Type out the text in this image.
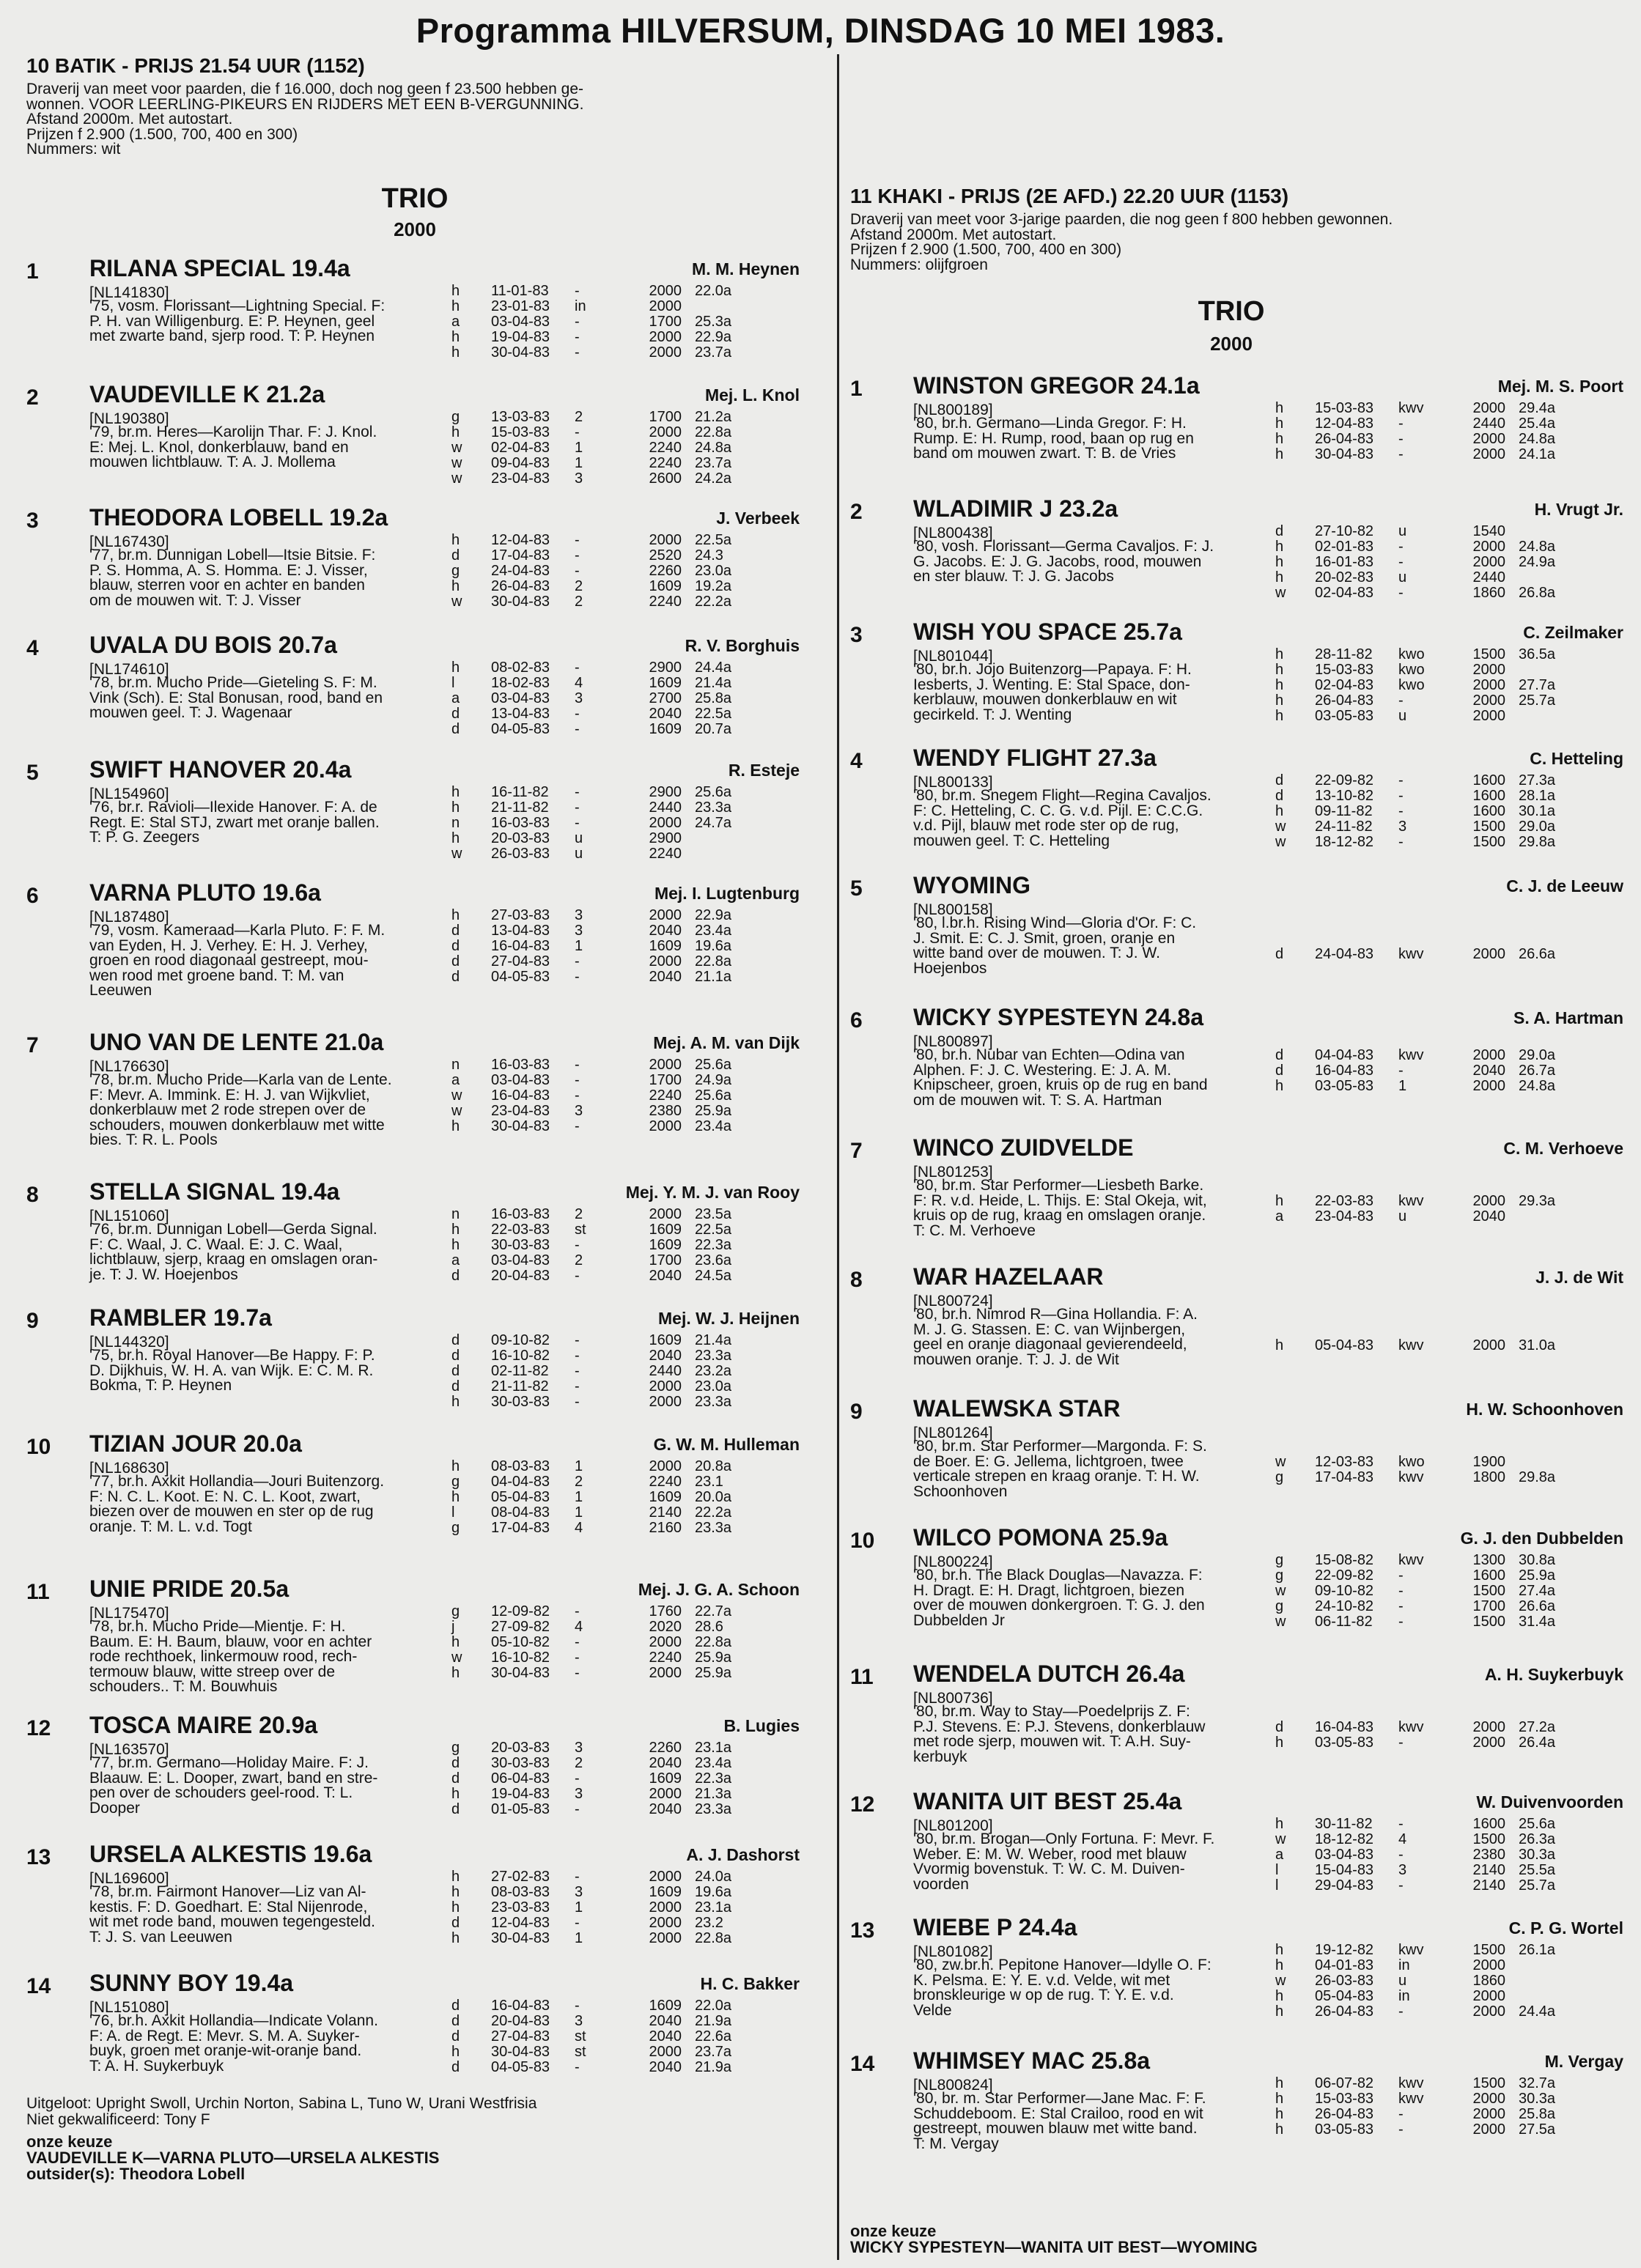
Programma HILVERSUM, DINSDAG 10 MEI 1983.
10 BATIK - PRIJS 21.54 UUR (1152)
Draverij van meet voor paarden, die f 16.000, doch nog geen f 23.500 hebben ge-
wonnen. VOOR LEERLING-PIKEURS EN RIJDERS MET EEN B-VERGUNNING.
Afstand 2000m. Met autostart.
Prijzen f 2.900 (1.500, 700, 400 en 300)
Nummers: wit
TRIO
2000
1	RILANA SPECIAL 19.4a	M. M. Heynen
[NL141830]
'75, vosm. Florissant—Lightning Special. F:
P. H. van Willigenburg. E: P. Heynen, geel
met zwarte band, sjerp rood. T: P. Heynen
h 11-01-83 -	2000 22.0a
h 23-01-83 in	2000
a 03-04-83 -	1700 25.3a
h 19-04-83 -	2000 22.9a
h 30-04-83 -	2000 23.7a
2	VAUDEVILLE K 21.2a	Mej. L. Knol
[NL190380]
'79, br.m. Heres—Karolijn Thar. F: J. Knol.
E: Mej. L. Knol, donkerblauw, band en
mouwen lichtblauw. T: A. J. Mollema
g 13-03-83 2	1700 21.2a
h 15-03-83 -	2000 22.8a
w 02-04-83 1	2240 24.8a
w 09-04-83 1	2240 23.7a
w 23-04-83 3	2600 24.2a
3	THEODORA LOBELL 19.2a	J. Verbeek
[NL167430]
'77, br.m. Dunnigan Lobell—Itsie Bitsie. F:
P. S. Homma, A. S. Homma. E: J. Visser,
blauw, sterren voor en achter en banden
om de mouwen wit. T: J. Visser
h 12-04-83 -	2000 22.5a
d 17-04-83 -	2520 24.3
g 24-04-83 -	2260 23.0a
h 26-04-83 2	1609 19.2a
w 30-04-83 2	2240 22.2a
4	UVALA DU BOIS 20.7a	R. V. Borghuis
[NL174610]
'78, br.m. Mucho Pride—Gieteling S. F: M.
Vink (Sch). E: Stal Bonusan, rood, band en
mouwen geel. T: J. Wagenaar
h 08-02-83 -	2900 24.4a
l 18-02-83 4	1609 21.4a
a 03-04-83 3	2700 25.8a
d 13-04-83 -	2040 22.5a
d 04-05-83 -	1609 20.7a
5	SWIFT HANOVER 20.4a	R. Esteje
[NL154960]
'76, br.r. Ravioli—Ilexide Hanover. F: A. de
Regt. E: Stal STJ, zwart met oranje ballen.
T: P. G. Zeegers
h 16-11-82 -	2900 25.6a
h 21-11-82 -	2440 23.3a
n 16-03-83 -	2000 24.7a
h 20-03-83 u	2900
w 26-03-83 u	2240
6	VARNA PLUTO 19.6a	Mej. I. Lugtenburg
[NL187480]
'79, vosm. Kameraad—Karla Pluto. F: F. M.
van Eyden, H. J. Verhey. E: H. J. Verhey,
groen en rood diagonaal gestreept, mou-
wen rood met groene band. T: M. van
Leeuwen
h 27-03-83 3	2000 22.9a
d 13-04-83 3	2040 23.4a
d 16-04-83 1	1609 19.6a
d 27-04-83 -	2000 22.8a
d 04-05-83 -	2040 21.1a
7	UNO VAN DE LENTE 21.0a	Mej. A. M. van Dijk
[NL176630]
'78, br.m. Mucho Pride—Karla van de Lente.
F: Mevr. A. Immink. E: H. J. van Wijkvliet,
donkerblauw met 2 rode strepen over de
schouders, mouwen donkerblauw met witte
bies. T: R. L. Pools
n 16-03-83 -	2000 25.6a
a 03-04-83 -	1700 24.9a
w 16-04-83 -	2240 25.6a
w 23-04-83 3	2380 25.9a
h 30-04-83 -	2000 23.4a
8	STELLA SIGNAL 19.4a	Mej. Y. M. J. van Rooy
[NL151060]
'76, br.m. Dunnigan Lobell—Gerda Signal.
F: C. Waal, J. C. Waal. E: J. C. Waal,
lichtblauw, sjerp, kraag en omslagen oran-
je. T: J. W. Hoejenbos
n 16-03-83 2	2000 23.5a
h 22-03-83 st	1609 22.5a
h 30-03-83 -	1609 22.3a
a 03-04-83 2	1700 23.6a
d 20-04-83 -	2040 24.5a
9	RAMBLER 19.7a	Mej. W. J. Heijnen
[NL144320]
'75, br.h. Royal Hanover—Be Happy. F: P.
D. Dijkhuis, W. H. A. van Wijk. E: C. M. R.
Bokma, T: P. Heynen
d 09-10-82 -	1609 21.4a
d 16-10-82 -	2040 23.3a
d 02-11-82 -	2440 23.2a
d 21-11-82 -	2000 23.0a
h 30-03-83 -	2000 23.3a
10	TIZIAN JOUR 20.0a	G. W. M. Hulleman
[NL168630]
'77, br.h. Axkit Hollandia—Jouri Buitenzorg.
F: N. C. L. Koot. E: N. C. L. Koot, zwart,
biezen over de mouwen en ster op de rug
oranje. T: M. L. v.d. Togt
h 08-03-83 1	2000 20.8a
g 04-04-83 2	2240 23.1
h 05-04-83 1	1609 20.0a
l 08-04-83 1	2140 22.2a
g 17-04-83 4	2160 23.3a
11	UNIE PRIDE 20.5a	Mej. J. G. A. Schoon
[NL175470]
'78, br.h. Mucho Pride—Mientje. F: H.
Baum. E: H. Baum, blauw, voor en achter
rode rechthoek, linkermouw rood, rech-
termouw blauw, witte streep over de
schouders.. T: M. Bouwhuis
g 12-09-82 -	1760 22.7a
j 27-09-82 4	2020 28.6
h 05-10-82 -	2000 22.8a
w 16-10-82 -	2240 25.9a
h 30-04-83 -	2000 25.9a
12	TOSCA MAIRE 20.9a	B. Lugies
[NL163570]
'77, br.m. Germano—Holiday Maire. F: J.
Blaauw. E: L. Dooper, zwart, band en stre-
pen over de schouders geel-rood. T: L.
Dooper
g 20-03-83 3	2260 23.1a
d 30-03-83 2	2040 23.4a
d 06-04-83 -	1609 22.3a
h 19-04-83 3	2000 21.3a
d 01-05-83 -	2040 23.3a
13	URSELA ALKESTIS 19.6a	A. J. Dashorst
[NL169600]
'78, br.m. Fairmont Hanover—Liz van Al-
kestis. F: D. Goedhart. E: Stal Nijenrode,
wit met rode band, mouwen tegengesteld.
T: J. S. van Leeuwen
h 27-02-83 -	2000 24.0a
h 08-03-83 3	1609 19.6a
h 23-03-83 1	2000 23.1a
d 12-04-83 -	2000 23.2
h 30-04-83 1	2000 22.8a
14	SUNNY BOY 19.4a	H. C. Bakker
[NL151080]
'76, br.h. Axkit Hollandia—Indicate Volann.
F: A. de Regt. E: Mevr. S. M. A. Suyker-
buyk, groen met oranje-wit-oranje band.
T: A. H. Suykerbuyk
d 16-04-83 -	1609 22.0a
d 20-04-83 3	2040 21.9a
d 27-04-83 st	2040 22.6a
h 30-04-83 st	2000 23.7a
d 04-05-83 -	2040 21.9a
Uitgeloot: Upright Swoll, Urchin Norton, Sabina L, Tuno W, Urani Westfrisia
Niet gekwalificeerd: Tony F
onze keuze
VAUDEVILLE K—VARNA PLUTO—URSELA ALKESTIS
outsider(s): Theodora Lobell
11 KHAKI - PRIJS (2E AFD.) 22.20 UUR (1153)
Draverij van meet voor 3-jarige paarden, die nog geen f 800 hebben gewonnen.
Afstand 2000m. Met autostart.
Prijzen f 2.900 (1.500, 700, 400 en 300)
Nummers: olijfgroen
TRIO
2000
1	WINSTON GREGOR 24.1a	Mej. M. S. Poort
[NL800189]
'80, br.h. Germano—Linda Gregor. F: H.
Rump. E: H. Rump, rood, baan op rug en
band om mouwen zwart. T: B. de Vries
h 15-03-83 kwv	2000 29.4a
h 12-04-83 -	2440 25.4a
h 26-04-83 -	2000 24.8a
h 30-04-83 -	2000 24.1a
2	WLADIMIR J 23.2a	H. Vrugt Jr.
[NL800438]
'80, vosh. Florissant—Germa Cavaljos. F: J.
G. Jacobs. E: J. G. Jacobs, rood, mouwen
en ster blauw. T: J. G. Jacobs
d 27-10-82 u	1540
h 02-01-83 -	2000 24.8a
h 16-01-83 -	2000 24.9a
h 20-02-83 u	2440
w 02-04-83 -	1860 26.8a
3	WISH YOU SPACE 25.7a	C. Zeilmaker
[NL801044]
'80, br.h. Jojo Buitenzorg—Papaya. F: H.
Iesberts, J. Wenting. E: Stal Space, don-
kerblauw, mouwen donkerblauw en wit
gecirkeld. T: J. Wenting
h 28-11-82 kwo	1500 36.5a
h 15-03-83 kwo	2000
h 02-04-83 kwo	2000 27.7a
h 26-04-83 -	2000 25.7a
h 03-05-83 u	2000
4	WENDY FLIGHT 27.3a	C. Hetteling
[NL800133]
'80, br.m. Snegem Flight—Regina Cavaljos.
F: C. Hetteling, C. C. G. v.d. Pijl. E: C.C.G.
v.d. Pijl, blauw met rode ster op de rug,
mouwen geel. T: C. Hetteling
d 22-09-82 -	1600 27.3a
d 13-10-82 -	1600 28.1a
h 09-11-82 -	1600 30.1a
w 24-11-82 3	1500 29.0a
w 18-12-82 -	1500 29.8a
5	WYOMING	C. J. de Leeuw
[NL800158]
'80, l.br.h. Rising Wind—Gloria d'Or. F: C.
J. Smit. E: C. J. Smit, groen, oranje en
witte band over de mouwen. T: J. W.
Hoejenbos
d 24-04-83 kwv	2000 26.6a
6	WICKY SYPESTEYN 24.8a	S. A. Hartman
[NL800897]
'80, br.h. Nubar van Echten—Odina van
Alphen. F: J. C. Westering. E: J. A. M.
Knipscheer, groen, kruis op de rug en band
om de mouwen wit. T: S. A. Hartman
d 04-04-83 kwv	2000 29.0a
d 16-04-83 -	2040 26.7a
h 03-05-83 1	2000 24.8a
7	WINCO ZUIDVELDE	C. M. Verhoeve
[NL801253]
'80, br.m. Star Performer—Liesbeth Barke.
F: R. v.d. Heide, L. Thijs. E: Stal Okeja, wit,
kruis op de rug, kraag en omslagen oranje.
T: C. M. Verhoeve
h 22-03-83 kwv	2000 29.3a
a 23-04-83 u	2040
8	WAR HAZELAAR	J. J. de Wit
[NL800724]
'80, br.h. Nimrod R—Gina Hollandia. F: A.
M. J. G. Stassen. E: C. van Wijnbergen,
geel en oranje diagonaal gevierendeeld,
mouwen oranje. T: J. J. de Wit
h 05-04-83 kwv	2000 31.0a
9	WALEWSKA STAR	H. W. Schoonhoven
[NL801264]
'80, br.m. Star Performer—Margonda. F: S.
de Boer. E: G. Jellema, lichtgroen, twee
verticale strepen en kraag oranje. T: H. W.
Schoonhoven
w 12-03-83 kwo	1900
g 17-04-83 kwv	1800 29.8a
10	WILCO POMONA 25.9a	G. J. den Dubbelden
[NL800224]
'80, br.h. The Black Douglas—Navazza. F:
H. Dragt. E: H. Dragt, lichtgroen, biezen
over de mouwen donkergroen. T: G. J. den
Dubbelden Jr
g 15-08-82 kwv	1300 30.8a
g 22-09-82 -	1600 25.9a
w 09-10-82 -	1500 27.4a
g 24-10-82 -	1700 26.6a
w 06-11-82 -	1500 31.4a
11	WENDELA DUTCH 26.4a	A. H. Suykerbuyk
[NL800736]
'80, br.m. Way to Stay—Poedelprijs Z. F:
P.J. Stevens. E: P.J. Stevens, donkerblauw
met rode sjerp, mouwen wit. T: A.H. Suy-
kerbuyk
d 16-04-83 kwv	2000 27.2a
h 03-05-83 -	2000 26.4a
12	WANITA UIT BEST 25.4a	W. Duivenvoorden
[NL801200]
'80, br.m. Brogan—Only Fortuna. F: Mevr. F.
Weber. E: M. W. Weber, rood met blauw
Vvormig bovenstuk. T: W. C. M. Duiven-
voorden
h 30-11-82 -	1600 25.6a
w 18-12-82 4	1500 26.3a
a 03-04-83 -	2380 30.3a
l 15-04-83 3	2140 25.5a
l 29-04-83 -	2140 25.7a
13	WIEBE P 24.4a	C. P. G. Wortel
[NL801082]
'80, zw.br.h. Pepitone Hanover—Idylle O. F:
K. Pelsma. E: Y. E. v.d. Velde, wit met
bronskleurige w op de rug. T: Y. E. v.d.
Velde
h 19-12-82 kwv	1500 26.1a
h 04-01-83 in	2000
w 26-03-83 u	1860
h 05-04-83 in	2000
h 26-04-83 -	2000 24.4a
14	WHIMSEY MAC 25.8a	M. Vergay
[NL800824]
'80, br. m. Star Performer—Jane Mac. F: F.
Schuddeboom. E: Stal Crailoo, rood en wit
gestreept, mouwen blauw met witte band.
T: M. Vergay
h 06-07-82 kwv	1500 32.7a
h 15-03-83 kwv	2000 30.3a
h 26-04-83 -	2000 25.8a
h 03-05-83 -	2000 27.5a
onze keuze
WICKY SYPESTEYN—WANITA UIT BEST—WYOMING
